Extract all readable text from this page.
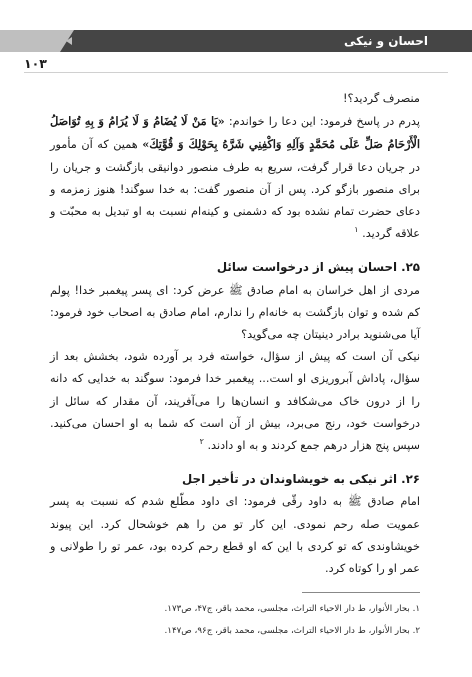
احسان و نیکی
۱۰۳

منصرف گردید؟!

پدرم در پاسخ فرمود: این دعا را خواندم: «يَا مَنْ لَا يُضَامُ وَ لَا يُرَامُ وَ بِهِ تُوَاصَلُ الْأَرْحَامُ صَلِّ عَلَى مُحَمَّدٍ وَآلِهِ وَاكْفِنِي شَرَّهُ بِحَوْلِكَ وَ قُوَّتِكَ» همین که آن مأمور در جریان دعا قرار گرفت، سریع به طرف منصور دوانیقی بازگشت و جریان را برای منصور بازگو کرد. پس از آن منصور گفت: به خدا سوگند! هنوز زمزمه و دعای حضرت تمام نشده بود که دشمنی و کینه‌ام نسبت به او تبدیل به محبّت و علاقه گردید. $^۱$

۲۵. احسان پیش از درخواست سائل

مردی از اهل خراسان به امام صادق ﷺ عرض کرد: ای پسر پیغمبر خدا! پولم کم شده و توان بازگشت به خانه‌ام را ندارم، امام صادق به اصحاب خود فرمود: آیا می‌شنوید برادر دینیتان چه می‌گوید؟

نیکی آن است که پیش از سؤال، خواسته فرد بر آورده شود، بخشش بعد از سؤال، پاداش آبروریزی او است... پیغمبر خدا فرمود: سوگند به خدایی که دانه را از درون خاک می‌شکافد و انسان‌ها را می‌آفریند، آن مقدار که سائل از درخواست خود، رنج می‌برد، بیش از آن است که شما به او احسان می‌کنید. سپس پنج هزار درهم جمع کردند و به او دادند. $^۲$

۲۶. اثر نیکی به خویشاوندان در تأخیر اجل

امام صادق ﷺ به داود رقّی فرمود: ای داود مطّلع شدم که نسبت به پسر عمویت صله رحم نمودی. این کار تو من را هم خوشحال کرد. این پیوند خویشاوندی که تو کردی با این که او قطع رحم کرده بود، عمر تو را طولانی و عمر او را کوتاه کرد.

۱. بحار الأنوار، ط دار الاحیاء التراث، مجلسی، محمد باقر، ج۴۷، ص۱۷۳.
۲. بحار الأنوار، ط دار الاحیاء التراث، مجلسی، محمد باقر، ج۹۶، ص۱۴۷.
